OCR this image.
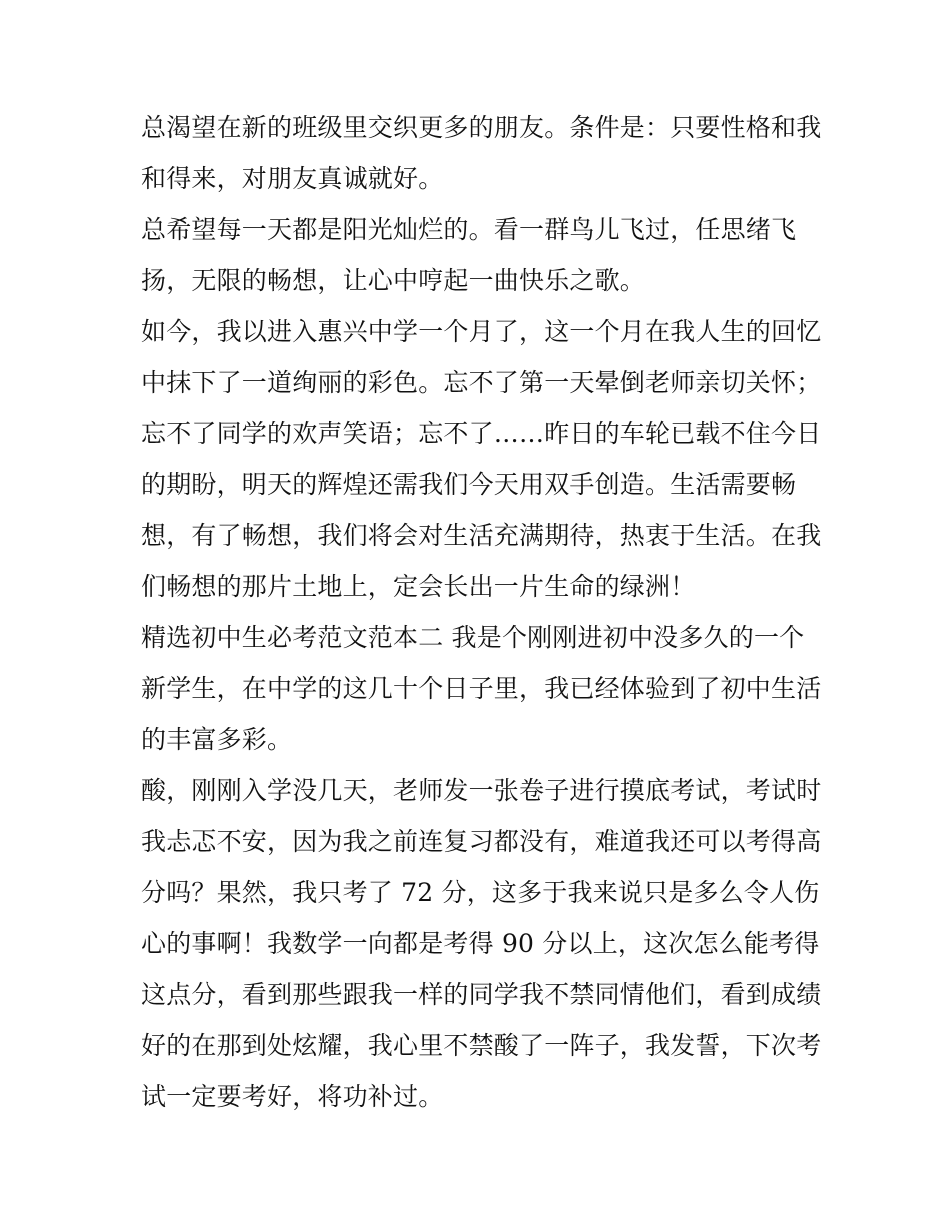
总渴望在新的班级里交织更多的朋友。条件是：只要性格和我
和得来，对朋友真诚就好。
总希望每一天都是阳光灿烂的。看一群鸟儿飞过，任思绪飞
扬，无限的畅想，让心中哼起一曲快乐之歌。
如今，我以进入惠兴中学一个月了，这一个月在我人生的回忆
中抹下了一道绚丽的彩色。忘不了第一天晕倒老师亲切关怀；
忘不了同学的欢声笑语；忘不了……昨日的车轮已载不住今日
的期盼，明天的辉煌还需我们今天用双手创造。生活需要畅
想，有了畅想，我们将会对生活充满期待，热衷于生活。在我
们畅想的那片土地上，定会长出一片生命的绿洲！
精选初中生必考范文范本二 我是个刚刚进初中没多久的一个
新学生，在中学的这几十个日子里，我已经体验到了初中生活
的丰富多彩。
酸，刚刚入学没几天，老师发一张卷子进行摸底考试，考试时
我忐忑不安，因为我之前连复习都没有，难道我还可以考得高
分吗？果然，我只考了 72 分，这多于我来说只是多么令人伤
心的事啊！我数学一向都是考得 90 分以上，这次怎么能考得
这点分，看到那些跟我一样的同学我不禁同情他们，看到成绩
好的在那到处炫耀，我心里不禁酸了一阵子，我发誓，下次考
试一定要考好，将功补过。
